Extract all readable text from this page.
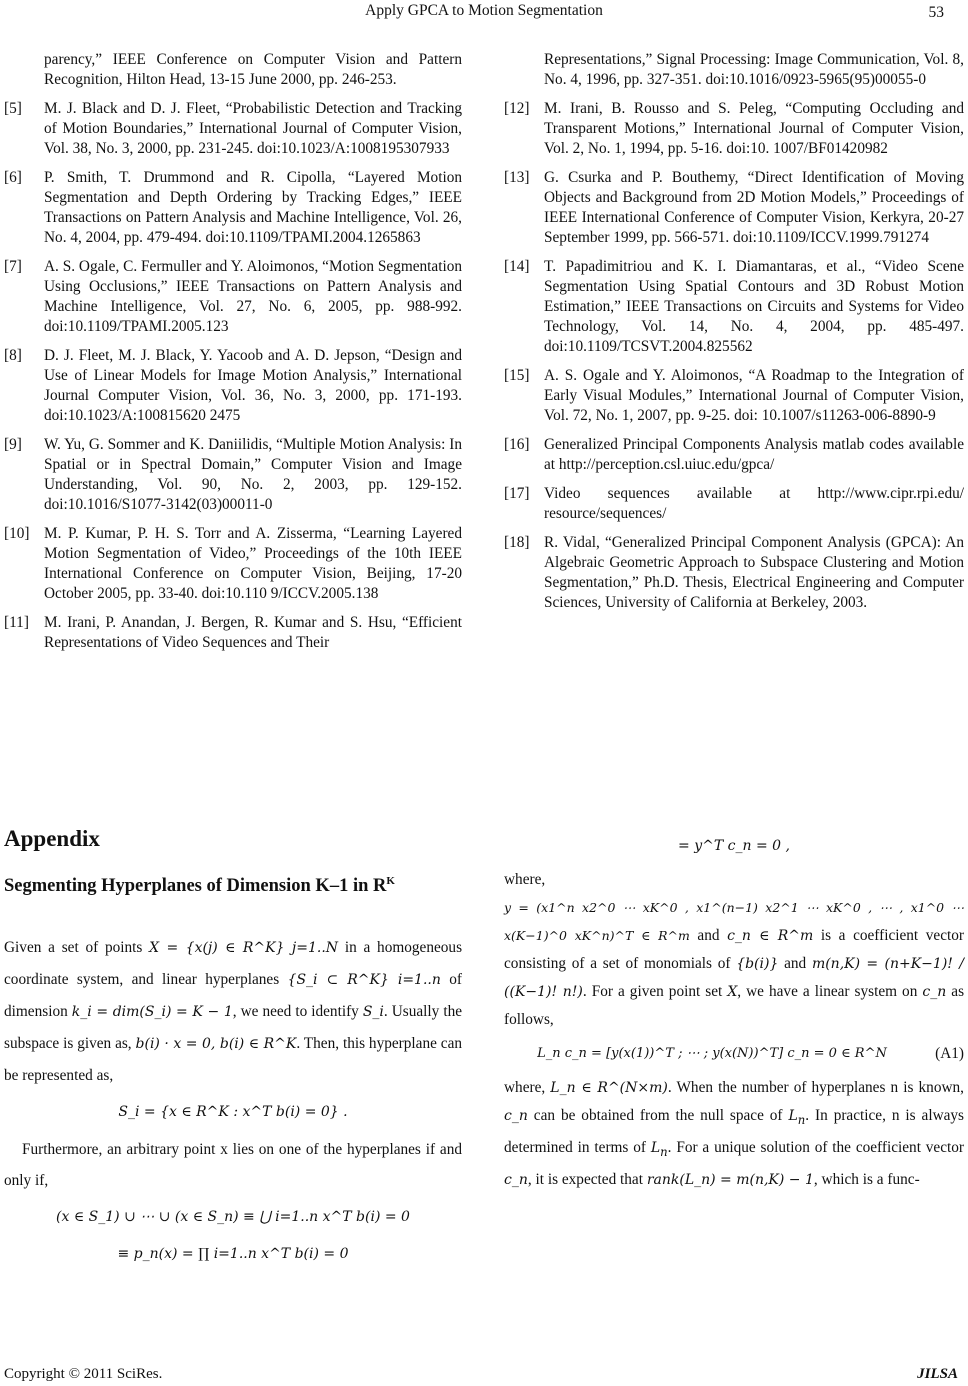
Apply GPCA to Motion Segmentation	53
parency,” IEEE Conference on Computer Vision and Pattern Recognition, Hilton Head, 13-15 June 2000, pp. 246-253.
[5]	M. J. Black and D. J. Fleet, “Probabilistic Detection and Tracking of Motion Boundaries,” International Journal of Computer Vision, Vol. 38, No. 3, 2000, pp. 231-245. doi:10.1023/A:1008195307933
[6]	P. Smith, T. Drummond and R. Cipolla, “Layered Motion Segmentation and Depth Ordering by Tracking Edges,” IEEE Transactions on Pattern Analysis and Machine Intelligence, Vol. 26, No. 4, 2004, pp. 479-494. doi:10.1109/TPAMI.2004.1265863
[7]	A. S. Ogale, C. Fermuller and Y. Aloimonos, “Motion Segmentation Using Occlusions,” IEEE Transactions on Pattern Analysis and Machine Intelligence, Vol. 27, No. 6, 2005, pp. 988-992. doi:10.1109/TPAMI.2005.123
[8]	D. J. Fleet, M. J. Black, Y. Yacoob and A. D. Jepson, “Design and Use of Linear Models for Image Motion Analysis,” International Journal Computer Vision, Vol. 36, No. 3, 2000, pp. 171-193. doi:10.1023/A:100815620 2475
[9]	W. Yu, G. Sommer and K. Daniilidis, “Multiple Motion Analysis: In Spatial or in Spectral Domain,” Computer Vision and Image Understanding, Vol. 90, No. 2, 2003, pp. 129-152. doi:10.1016/S1077-3142(03)00011-0
[10] M. P. Kumar, P. H. S. Torr and A. Zisserma, “Learning Layered Motion Segmentation of Video,” Proceedings of the 10th IEEE International Conference on Computer Vision, Beijing, 17-20 October 2005, pp. 33-40. doi:10.110 9/ICCV.2005.138
[11] M. Irani, P. Anandan, J. Bergen, R. Kumar and S. Hsu, “Efficient Representations of Video Sequences and Their
Representations,” Signal Processing: Image Communication, Vol. 8, No. 4, 1996, pp. 327-351. doi:10.1016/0923-5965(95)00055-0
[12] M. Irani, B. Rousso and S. Peleg, “Computing Occluding and Transparent Motions,” International Journal of Computer Vision, Vol. 2, No. 1, 1994, pp. 5-16. doi:10. 1007/BF01420982
[13] G. Csurka and P. Bouthemy, “Direct Identification of Moving Objects and Background from 2D Motion Models,” Proceedings of IEEE International Conference of Computer Vision, Kerkyra, 20-27 September 1999, pp. 566-571. doi:10.1109/ICCV.1999.791274
[14] T. Papadimitriou and K. I. Diamantaras, et al., “Video Scene Segmentation Using Spatial Contours and 3D Robust Motion Estimation,” IEEE Transactions on Circuits and Systems for Video Technology, Vol. 14, No. 4, 2004, pp. 485-497. doi:10.1109/TCSVT.2004.825562
[15] A. S. Ogale and Y. Aloimonos, “A Roadmap to the Integration of Early Visual Modules,” International Journal of Computer Vision, Vol. 72, No. 1, 2007, pp. 9-25. doi: 10.1007/s11263-006-8890-9
[16] Generalized Principal Components Analysis matlab codes available at http://perception.csl.uiuc.edu/gpca/
[17] Video sequences available at http://www.cipr.rpi.edu/ resource/sequences/
[18] R. Vidal, “Generalized Principal Component Analysis (GPCA): An Algebraic Geometric Approach to Subspace Clustering and Motion Segmentation,” Ph.D. Thesis, Electrical Engineering and Computer Sciences, University of California at Berkeley, 2003.
Appendix
Segmenting Hyperplanes of Dimension K–1 in $R^K$
Given a set of points X = {x(j) ∈ R^K} j=1..N in a homogeneous coordinate system, and linear hyperplanes {S_i ⊂ R^K} i=1..n of dimension k_i = dim(S_i) = K − 1, we need to identify S_i. Usually the subspace is given as, b(i) · x = 0, b(i) ∈ R^K. Then, this hyperplane can be represented as,
S_i = {x ∈ R^K : x^T b(i) = 0} .
Furthermore, an arbitrary point x lies on one of the hyperplanes if and only if,
(x ∈ S_1) ∪ ⋯ ∪ (x ∈ S_n) ≡ ⋃ i=1..n x^T b(i) = 0
≡ p_n(x) = ∏ i=1..n x^T b(i) = 0
= y^T c_n = 0 ,
where,
y = (x1^n x2^0 ⋯ xK^0 , x1^(n−1) x2^1 ⋯ xK^0 , ⋯ , x1^0 ⋯ x(K−1)^0 xK^n)^T ∈ R^m and c_n ∈ R^m is a coefficient vector consisting of a set of monomials of {b(i)} and m(n,K) = (n+K−1)! / ((K−1)! n!). For a given point set X, we have a linear system on c_n as follows,
L_n c_n = [y(x(1))^T ; ⋯ ; y(x(N))^T] c_n = 0 ∈ R^N	(A1)
where, L_n ∈ R^(N×m). When the number of hyperplanes n is known, c_n can be obtained from the null space of $L_n$. In practice, n is always determined in terms of $L_n$. For a unique solution of the coefficient vector c_n, it is expected that rank(L_n) = m(n,K) − 1, which is a func-
Copyright © 2011 SciRes.	JILSA
